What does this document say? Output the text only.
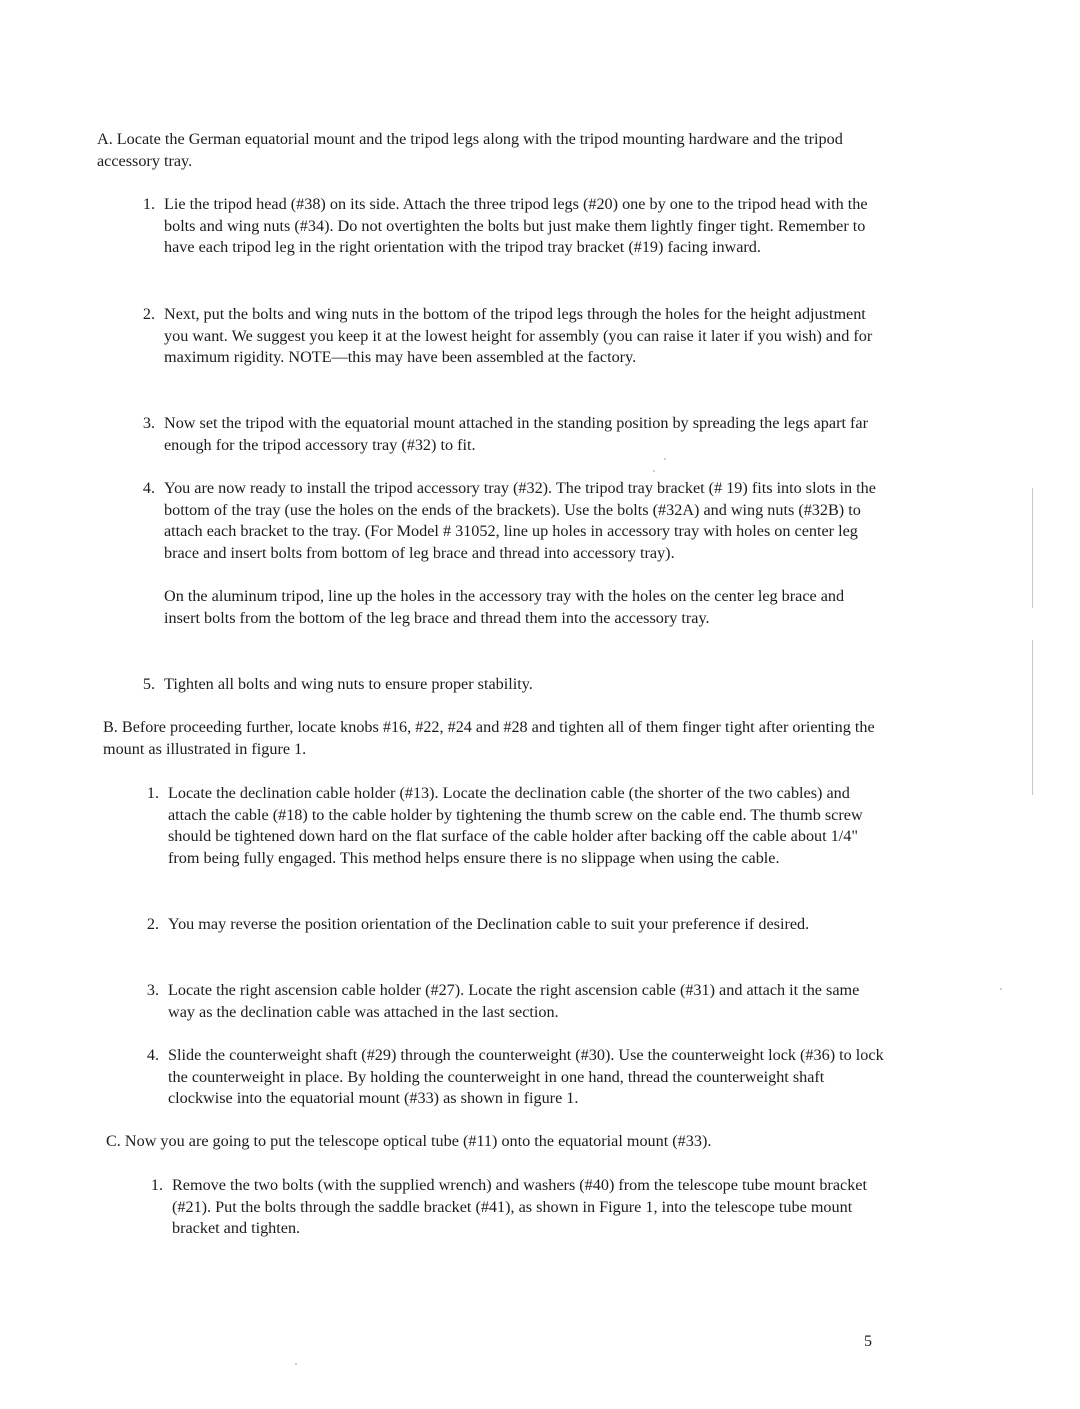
A. Locate the German equatorial mount and the tripod legs along with the tripod mounting hardware and the tripod accessory tray.

1. Lie the tripod head (#38) on its side. Attach the three tripod legs (#20) one by one to the tripod head with the bolts and wing nuts (#34). Do not overtighten the bolts but just make them lightly finger tight. Remember to have each tripod leg in the right orientation with the tripod tray bracket (#19) facing inward.

2. Next, put the bolts and wing nuts in the bottom of the tripod legs through the holes for the height adjustment you want. We suggest you keep it at the lowest height for assembly (you can raise it later if you wish) and for maximum rigidity. NOTE—this may have been assembled at the factory.

3. Now set the tripod with the equatorial mount attached in the standing position by spreading the legs apart far enough for the tripod accessory tray (#32) to fit.

4. You are now ready to install the tripod accessory tray (#32). The tripod tray bracket (# 19) fits into slots in the bottom of the tray (use the holes on the ends of the brackets). Use the bolts (#32A) and wing nuts (#32B) to attach each bracket to the tray. (For Model # 31052, line up holes in accessory tray with holes on center leg brace and insert bolts from bottom of leg brace and thread into accessory tray).

On the aluminum tripod, line up the holes in the accessory tray with the holes on the center leg brace and insert bolts from the bottom of the leg brace and thread them into the accessory tray.

5. Tighten all bolts and wing nuts to ensure proper stability.

B. Before proceeding further, locate knobs #16, #22, #24 and #28 and tighten all of them finger tight after orienting the mount as illustrated in figure 1.

1. Locate the declination cable holder (#13). Locate the declination cable (the shorter of the two cables) and attach the cable (#18) to the cable holder by tightening the thumb screw on the cable end. The thumb screw should be tightened down hard on the flat surface of the cable holder after backing off the cable about 1/4" from being fully engaged. This method helps ensure there is no slippage when using the cable.

2. You may reverse the position orientation of the Declination cable to suit your preference if desired.

3. Locate the right ascension cable holder (#27). Locate the right ascension cable (#31) and attach it the same way as the declination cable was attached in the last section.

4. Slide the counterweight shaft (#29) through the counterweight (#30). Use the counterweight lock (#36) to lock the counterweight in place. By holding the counterweight in one hand, thread the counterweight shaft clockwise into the equatorial mount (#33) as shown in figure 1.

C. Now you are going to put the telescope optical tube (#11) onto the equatorial mount (#33).

1. Remove the two bolts (with the supplied wrench) and washers (#40) from the telescope tube mount bracket (#21). Put the bolts through the saddle bracket (#41), as shown in Figure 1, into the telescope tube mount bracket and tighten.

5
